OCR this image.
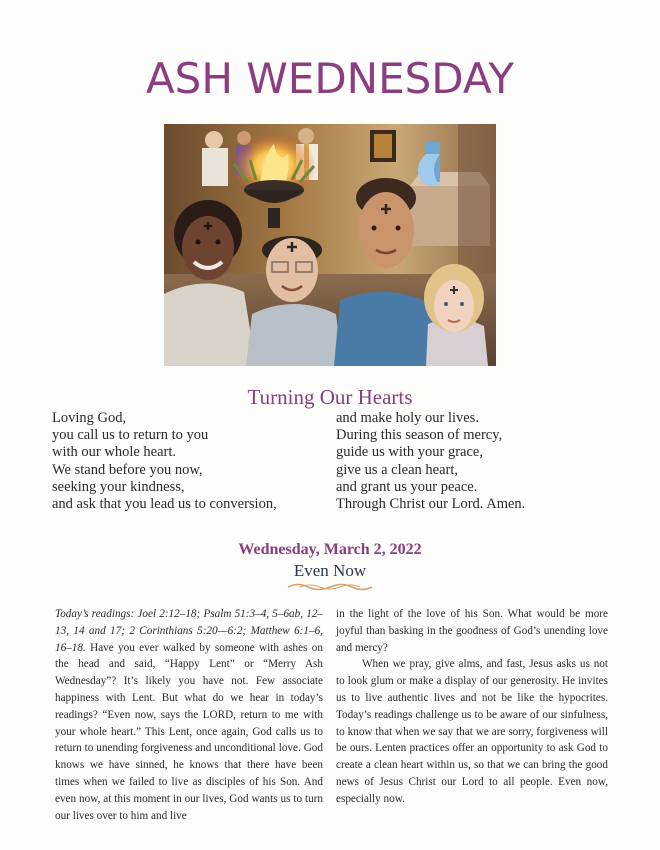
ASH WEDNESDAY
Turning Our Hearts
Loving God,
you call us to return to you
with our whole heart.
We stand before you now,
seeking your kindness,
and ask that you lead us to conversion,
and make holy our lives.
During this season of mercy,
guide us with your grace,
give us a clean heart,
and grant us your peace.
Through Christ our Lord. Amen.
Wednesday, March 2, 2022
Even Now

Today’s readings: Joel 2:12–18; Psalm 51:3–4, 5–6ab, 12–13, 14 and 17; 2 Corinthians 5:20—6:2; Matthew 6:1–6, 16–18. Have you ever walked by someone with ashes on the head and said, “Happy Lent” or “Merry Ash Wednesday”? It’s likely you have not. Few associate happiness with Lent. But what do we hear in today’s readings? “Even now, says the LORD, return to me with your whole heart.” This Lent, once again, God calls us to return to unending forgiveness and unconditional love. God knows we have sinned, he knows that there have been times when we failed to live as disciples of his Son. And even now, at this moment in our lives, God wants us to turn our lives over to him and live

in the light of the love of his Son. What would be more joyful than basking in the goodness of God’s unending love and mercy?

When we pray, give alms, and fast, Jesus asks us not to look glum or make a display of our generosity. He invites us to live authentic lives and not be like the hypocrites. Today’s readings challenge us to be aware of our sinfulness, to know that when we say that we are sorry, forgiveness will be ours. Lenten practices offer an opportunity to ask God to create a clean heart within us, so that we can bring the good news of Jesus Christ our Lord to all people. Even now, especially now.
